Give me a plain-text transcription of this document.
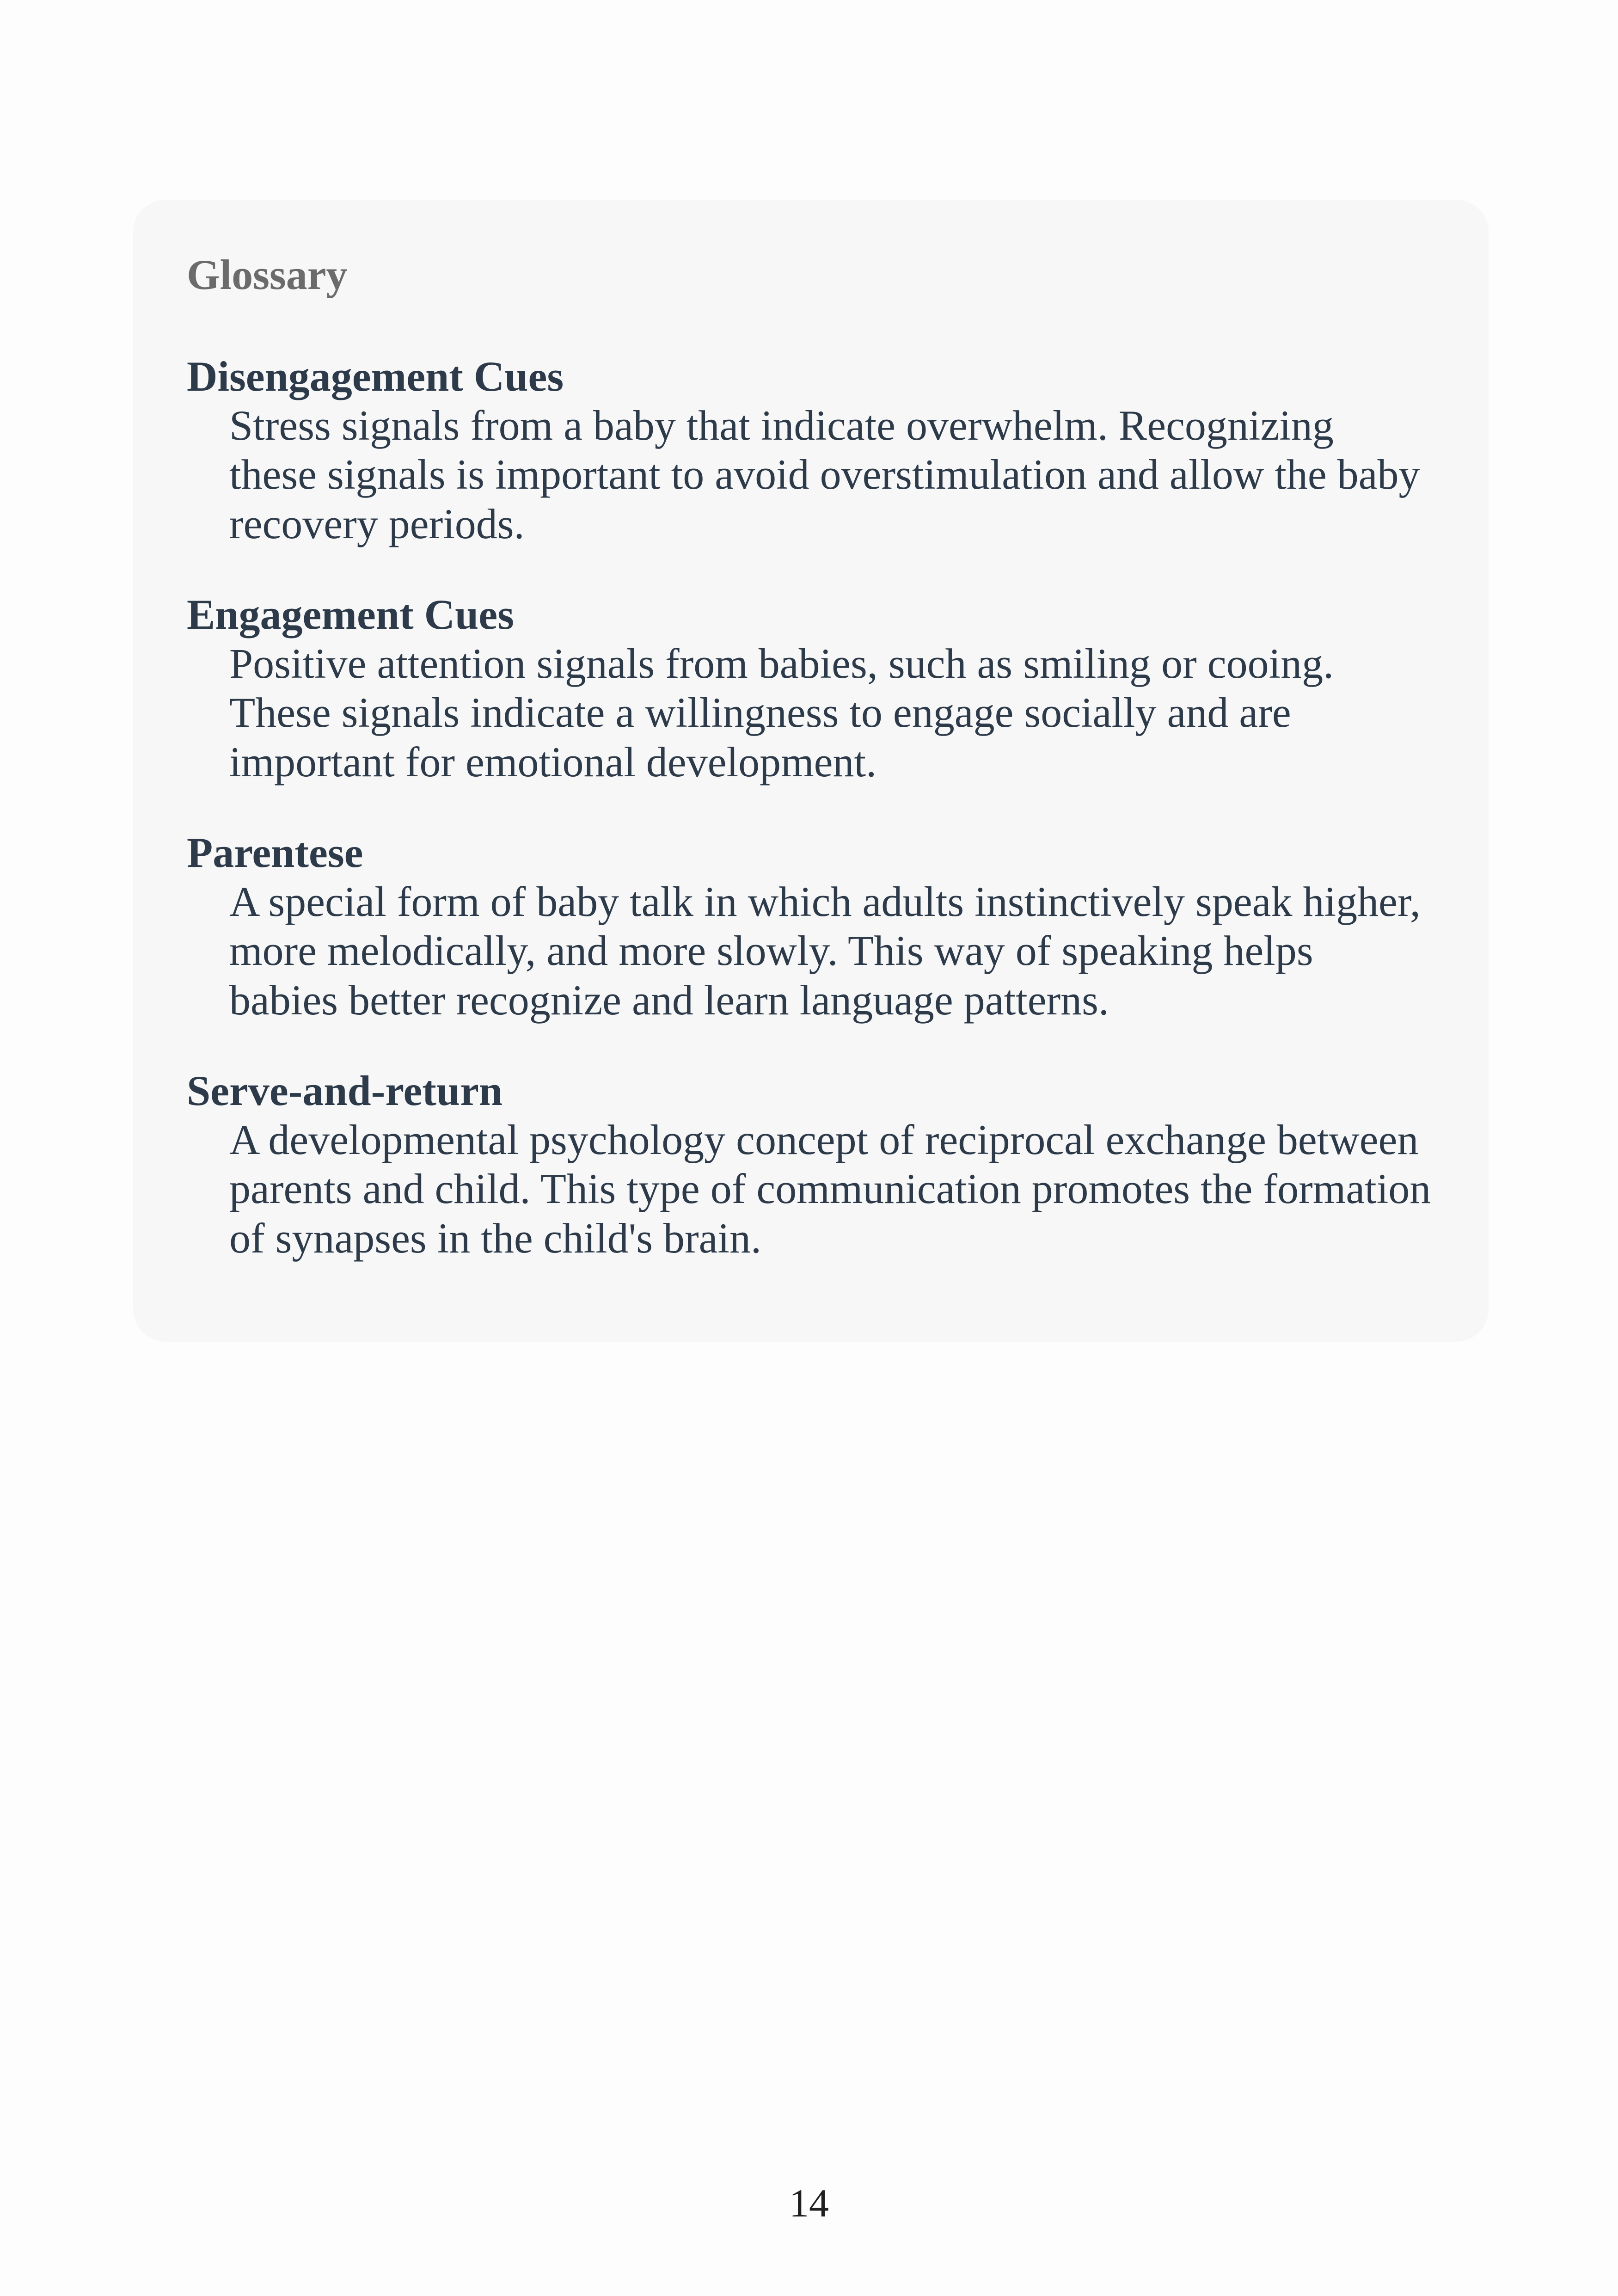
Glossary
Disengagement Cues
Stress signals from a baby that indicate overwhelm. Recognizing these signals is important to avoid overstimulation and allow the baby recovery periods.
Engagement Cues
Positive attention signals from babies, such as smiling or cooing. These signals indicate a willingness to engage socially and are important for emotional development.
Parentese
A special form of baby talk in which adults instinctively speak higher, more melodically, and more slowly. This way of speaking helps babies better recognize and learn language patterns.
Serve-and-return
A developmental psychology concept of reciprocal exchange between parents and child. This type of communication promotes the formation of synapses in the child's brain.
14
